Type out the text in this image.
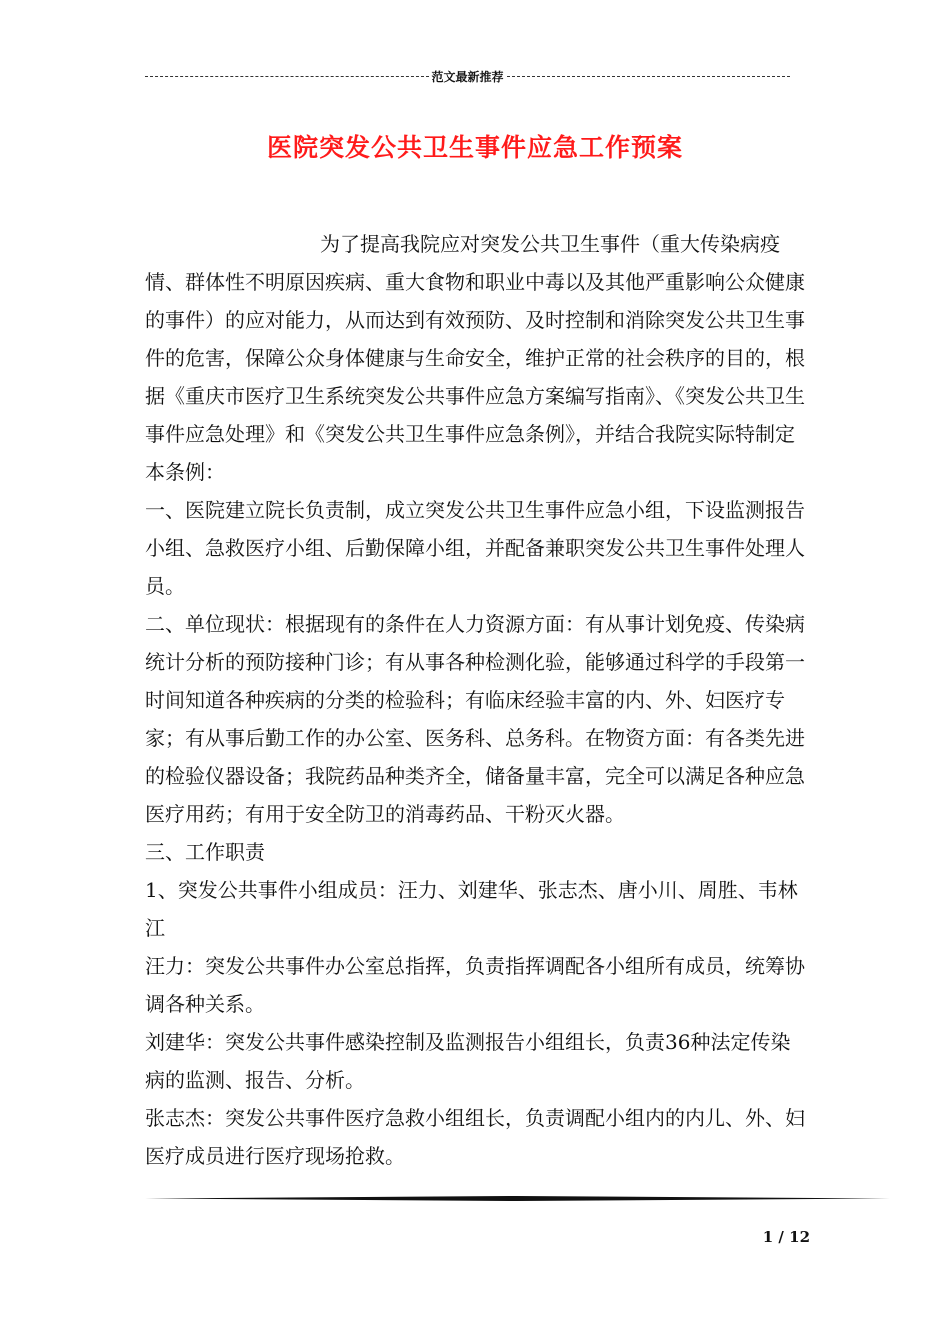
范文最新推荐
医院突发公共卫生事件应急工作预案

为了提高我院应对突发公共卫生事件（重大传染病疫情、群体性不明原因疾病、重大食物和职业中毒以及其他严重影响公众健康的事件）的应对能力，从而达到有效预防、及时控制和消除突发公共卫生事件的危害，保障公众身体健康与生命安全，维护正常的社会秩序的目的，根据《重庆市医疗卫生系统突发公共事件应急方案编写指南》、《突发公共卫生事件应急处理》和《突发公共卫生事件应急条例》，并结合我院实际特制定本条例：

一、医院建立院长负责制，成立突发公共卫生事件应急小组，下设监测报告小组、急救医疗小组、后勤保障小组，并配备兼职突发公共卫生事件处理人员。

二、单位现状：根据现有的条件在人力资源方面：有从事计划免疫、传染病统计分析的预防接种门诊；有从事各种检测化验，能够通过科学的手段第一时间知道各种疾病的分类的检验科；有临床经验丰富的内、外、妇医疗专家；有从事后勤工作的办公室、医务科、总务科。在物资方面：有各类先进的检验仪器设备；我院药品种类齐全，储备量丰富，完全可以满足各种应急医疗用药；有用于安全防卫的消毒药品、干粉灭火器。

三、工作职责

1、突发公共事件小组成员：汪力、刘建华、张志杰、唐小川、周胜、韦林江

汪力：突发公共事件办公室总指挥，负责指挥调配各小组所有成员，统筹协调各种关系。

刘建华：突发公共事件感染控制及监测报告小组组长，负责36种法定传染病的监测、报告、分析。

张志杰：突发公共事件医疗急救小组组长，负责调配小组内的内儿、外、妇医疗成员进行医疗现场抢救。

1 / 12
